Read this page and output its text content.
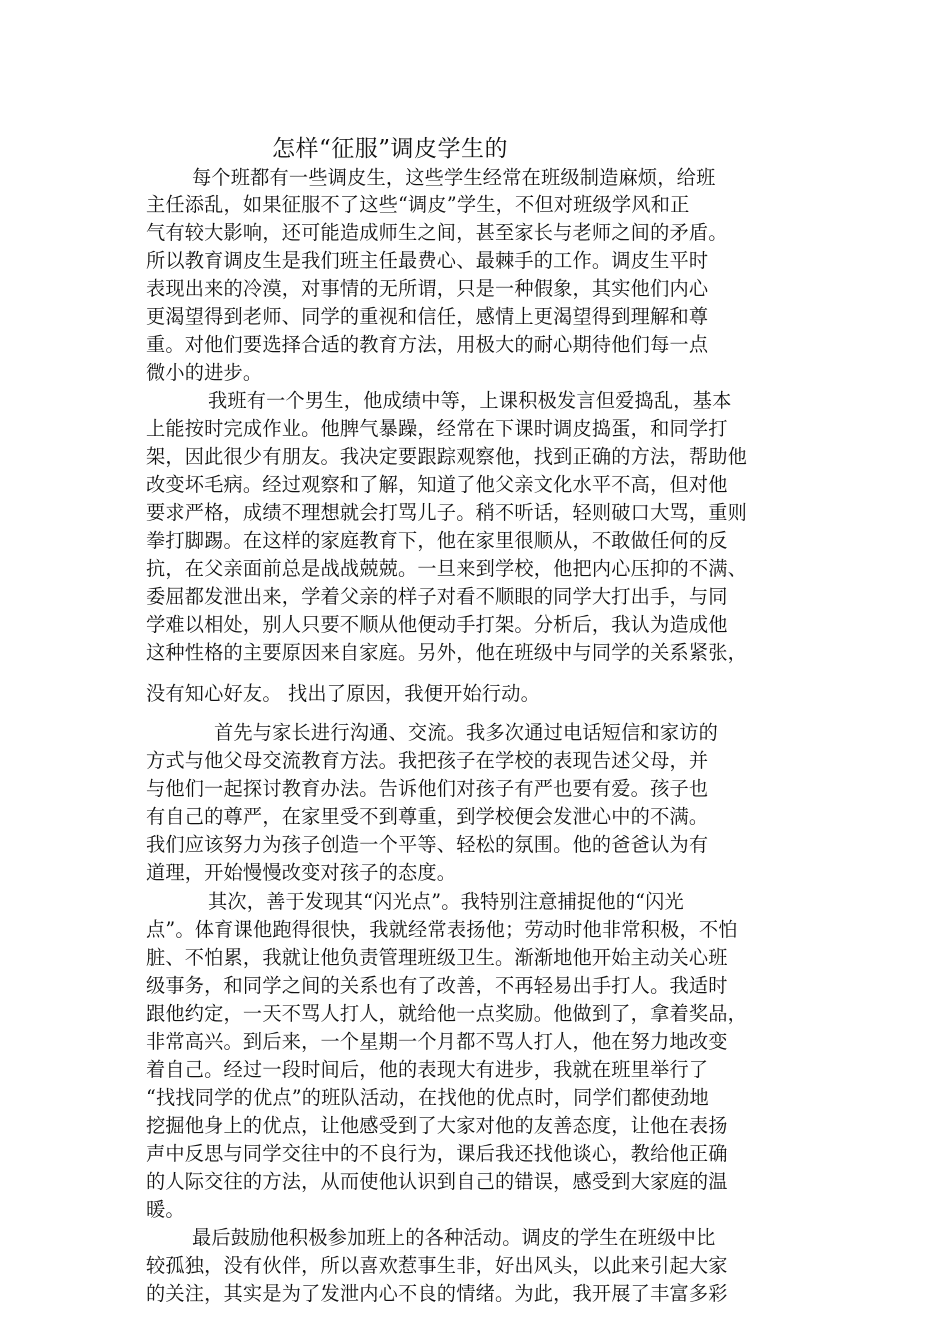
怎样“征服”调皮学生的
每个班都有一些调皮生，这些学生经常在班级制造麻烦，给班
主任添乱，如果征服不了这些“调皮”学生，不但对班级学风和正
气有较大影响，还可能造成师生之间，甚至家长与老师之间的矛盾。
所以教育调皮生是我们班主任最费心、最棘手的工作。调皮生平时
表现出来的冷漠，对事情的无所谓，只是一种假象，其实他们内心
更渴望得到老师、同学的重视和信任，感情上更渴望得到理解和尊
重。对他们要选择合适的教育方法，用极大的耐心期待他们每一点
微小的进步。
我班有一个男生，他成绩中等，上课积极发言但爱捣乱，基本
上能按时完成作业。他脾气暴躁，经常在下课时调皮捣蛋，和同学打
架，因此很少有朋友。我决定要跟踪观察他，找到正确的方法，帮助他
改变坏毛病。经过观察和了解，知道了他父亲文化水平不高，但对他
要求严格，成绩不理想就会打骂儿子。稍不听话，轻则破口大骂，重则
拳打脚踢。在这样的家庭教育下，他在家里很顺从，不敢做任何的反
抗，在父亲面前总是战战兢兢。一旦来到学校，他把内心压抑的不满、
委屈都发泄出来，学着父亲的样子对看不顺眼的同学大打出手，与同
学难以相处，别人只要不顺从他便动手打架。分析后，我认为造成他
这种性格的主要原因来自家庭。另外，他在班级中与同学的关系紧张，
没有知心好友。 找出了原因，我便开始行动。
首先与家长进行沟通、交流。我多次通过电话短信和家访的
方式与他父母交流教育方法。我把孩子在学校的表现告述父母，并
与他们一起探讨教育办法。告诉他们对孩子有严也要有爱。孩子也
有自己的尊严，在家里受不到尊重，到学校便会发泄心中的不满。
我们应该努力为孩子创造一个平等、轻松的氛围。他的爸爸认为有
道理，开始慢慢改变对孩子的态度。
其次，善于发现其“闪光点”。我特别注意捕捉他的“闪光
点”。体育课他跑得很快，我就经常表扬他；劳动时他非常积极，不怕
脏、不怕累，我就让他负责管理班级卫生。渐渐地他开始主动关心班
级事务，和同学之间的关系也有了改善，不再轻易出手打人。我适时
跟他约定，一天不骂人打人，就给他一点奖励。他做到了，拿着奖品，
非常高兴。到后来，一个星期一个月都不骂人打人，他在努力地改变
着自己。经过一段时间后，他的表现大有进步，我就在班里举行了
“找找同学的优点”的班队活动，在找他的优点时，同学们都使劲地
挖掘他身上的优点，让他感受到了大家对他的友善态度，让他在表扬
声中反思与同学交往中的不良行为，课后我还找他谈心，教给他正确
的人际交往的方法，从而使他认识到自己的错误，感受到大家庭的温
暖。
最后鼓励他积极参加班上的各种活动。调皮的学生在班级中比
较孤独，没有伙伴，所以喜欢惹事生非，好出风头，以此来引起大家
的关注，其实是为了发泄内心不良的情绪。为此，我开展了丰富多彩
